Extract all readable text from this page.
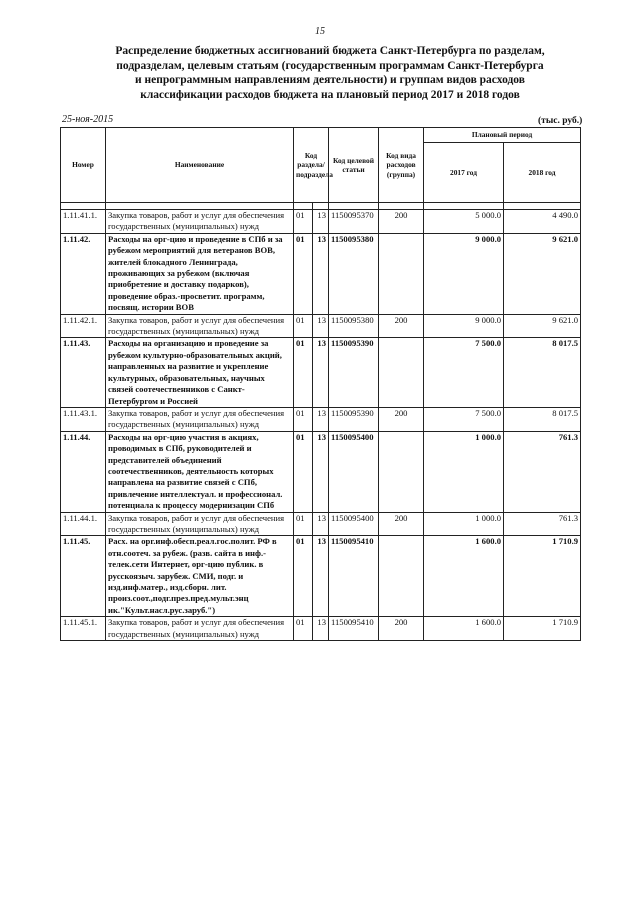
15
Распределение бюджетных ассигнований бюджета Санкт-Петербурга по разделам,
подразделам, целевым статьям (государственным программам Санкт-Петербурга
и непрограммным направлениям деятельности) и группам видов расходов
классификации расходов бюджета на плановый период 2017 и 2018 годов
25-ноя-2015	(тыс. руб.)
Номер	Наименование	Код раздела/ подраздела		Код целевой статьи	Код вида расходов (группа)	Плановый период	
						2017 год	2018 год

1.11.41.1.	Закупка товаров, работ и услуг для обеспечения государственных (муниципальных) нужд	01	13	1150095370	200	5 000.0	4 490.0
1.11.42.	Расходы на орг-цию и проведение в СПб и за рубежом мероприятий для ветеранов ВОВ, жителей блокадного Ленинграда, проживающих за рубежом (включая приобретение и доставку подарков), проведение образ.-просветит. программ, посвящ. истории ВОВ	01	13	1150095380		9 000.0	9 621.0
1.11.42.1.	Закупка товаров, работ и услуг для обеспечения государственных (муниципальных) нужд	01	13	1150095380	200	9 000.0	9 621.0
1.11.43.	Расходы на организацию и проведение за рубежом культурно-образовательных акций, направленных на развитие и укрепление культурных, образовательных, научных связей соотечественников с Санкт-Петербургом и Россией	01	13	1150095390		7 500.0	8 017.5
1.11.43.1.	Закупка товаров, работ и услуг для обеспечения государственных (муниципальных) нужд	01	13	1150095390	200	7 500.0	8 017.5
1.11.44.	Расходы на орг-цию участия в акциях, проводимых в СПб, руководителей и представителей объединений соотечественников, деятельность которых направлена на развитие связей с СПб, привлечение интеллектуал. и профессионал. потенциала к процессу модернизации СПб	01	13	1150095400		1 000.0	761.3
1.11.44.1.	Закупка товаров, работ и услуг для обеспечения государственных (муниципальных) нужд	01	13	1150095400	200	1 000.0	761.3
1.11.45.	Расх. на орг.инф.обесп.реал.гос.полит. РФ в отн.соотеч. за рубеж. (разв. сайта в инф.-телек.сети Интернет, орг-цию публик. в русскоязыч. зарубеж. СМИ, подг. и изд.инф.матер., изд.сборн. лит. произ.соот.,подг.през.пред.мульт.энц ик."Культ.насл.рус.заруб.")	01	13	1150095410		1 600.0	1 710.9
1.11.45.1.	Закупка товаров, работ и услуг для обеспечения государственных (муниципальных) нужд	01	13	1150095410	200	1 600.0	1 710.9
